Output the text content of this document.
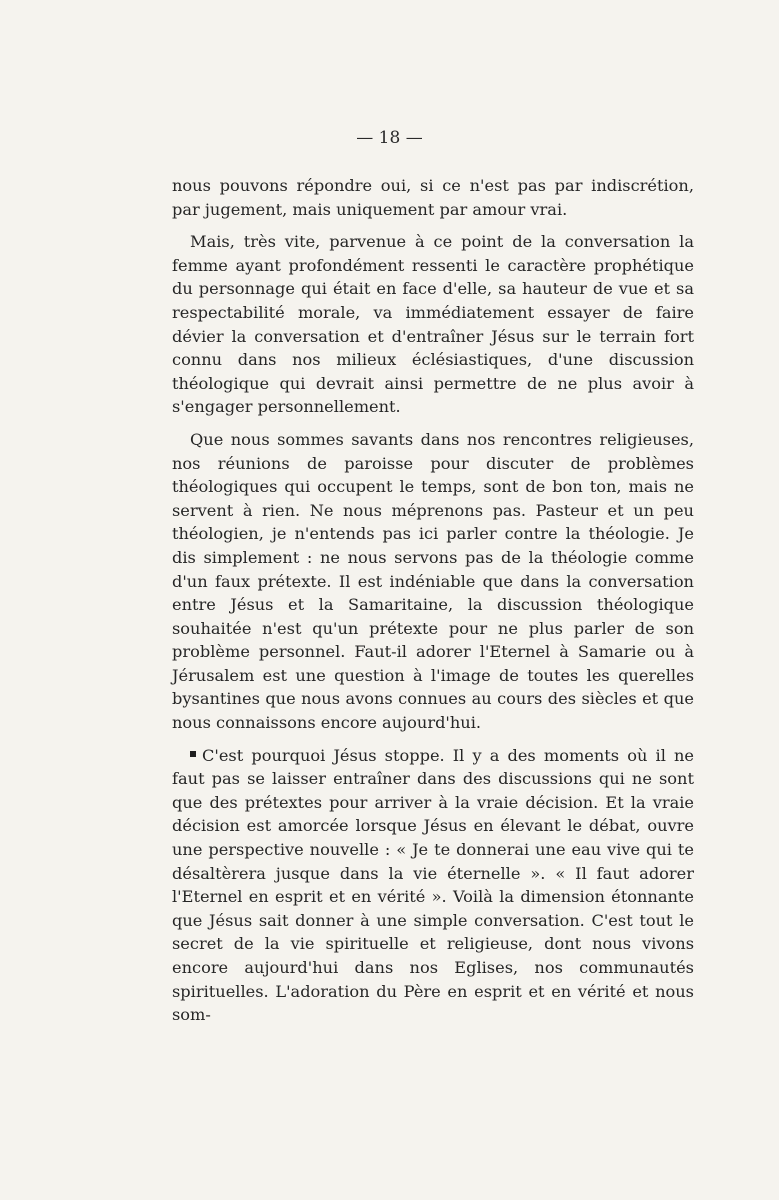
— 18 —

nous pouvons répondre oui, si ce n'est pas par indiscrétion, par jugement, mais uniquement par amour vrai.

Mais, très vite, parvenue à ce point de la conversation la femme ayant profondément ressenti le caractère prophétique du personnage qui était en face d'elle, sa hauteur de vue et sa respectabilité morale, va immédiatement essayer de faire dévier la conversation et d'entraîner Jésus sur le terrain fort connu dans nos milieux éclésiastiques, d'une discussion théologique qui devrait ainsi permettre de ne plus avoir à s'engager personnellement.

Que nous sommes savants dans nos rencontres religieuses, nos réunions de paroisse pour discuter de problèmes théologiques qui occupent le temps, sont de bon ton, mais ne servent à rien. Ne nous méprenons pas. Pasteur et un peu théologien, je n'entends pas ici parler contre la théologie. Je dis simplement : ne nous servons pas de la théologie comme d'un faux prétexte. Il est indéniable que dans la conversation entre Jésus et la Samaritaine, la discussion théologique souhaitée n'est qu'un prétexte pour ne plus parler de son problème personnel. Faut-il adorer l'Eternel à Samarie ou à Jérusalem est une question à l'image de toutes les querelles bysantines que nous avons connues au cours des siècles et que nous connaissons encore aujourd'hui.

C'est pourquoi Jésus stoppe. Il y a des moments où il ne faut pas se laisser entraîner dans des discussions qui ne sont que des prétextes pour arriver à la vraie décision. Et la vraie décision est amorcée lorsque Jésus en élevant le débat, ouvre une perspective nouvelle : « Je te donnerai une eau vive qui te désaltèrera jusque dans la vie éternelle ». « Il faut adorer l'Eternel en esprit et en vérité ». Voilà la dimension étonnante que Jésus sait donner à une simple conversation. C'est tout le secret de la vie spirituelle et religieuse, dont nous vivons encore aujourd'hui dans nos Eglises, nos communautés spirituelles. L'adoration du Père en esprit et en vérité et nous som-
